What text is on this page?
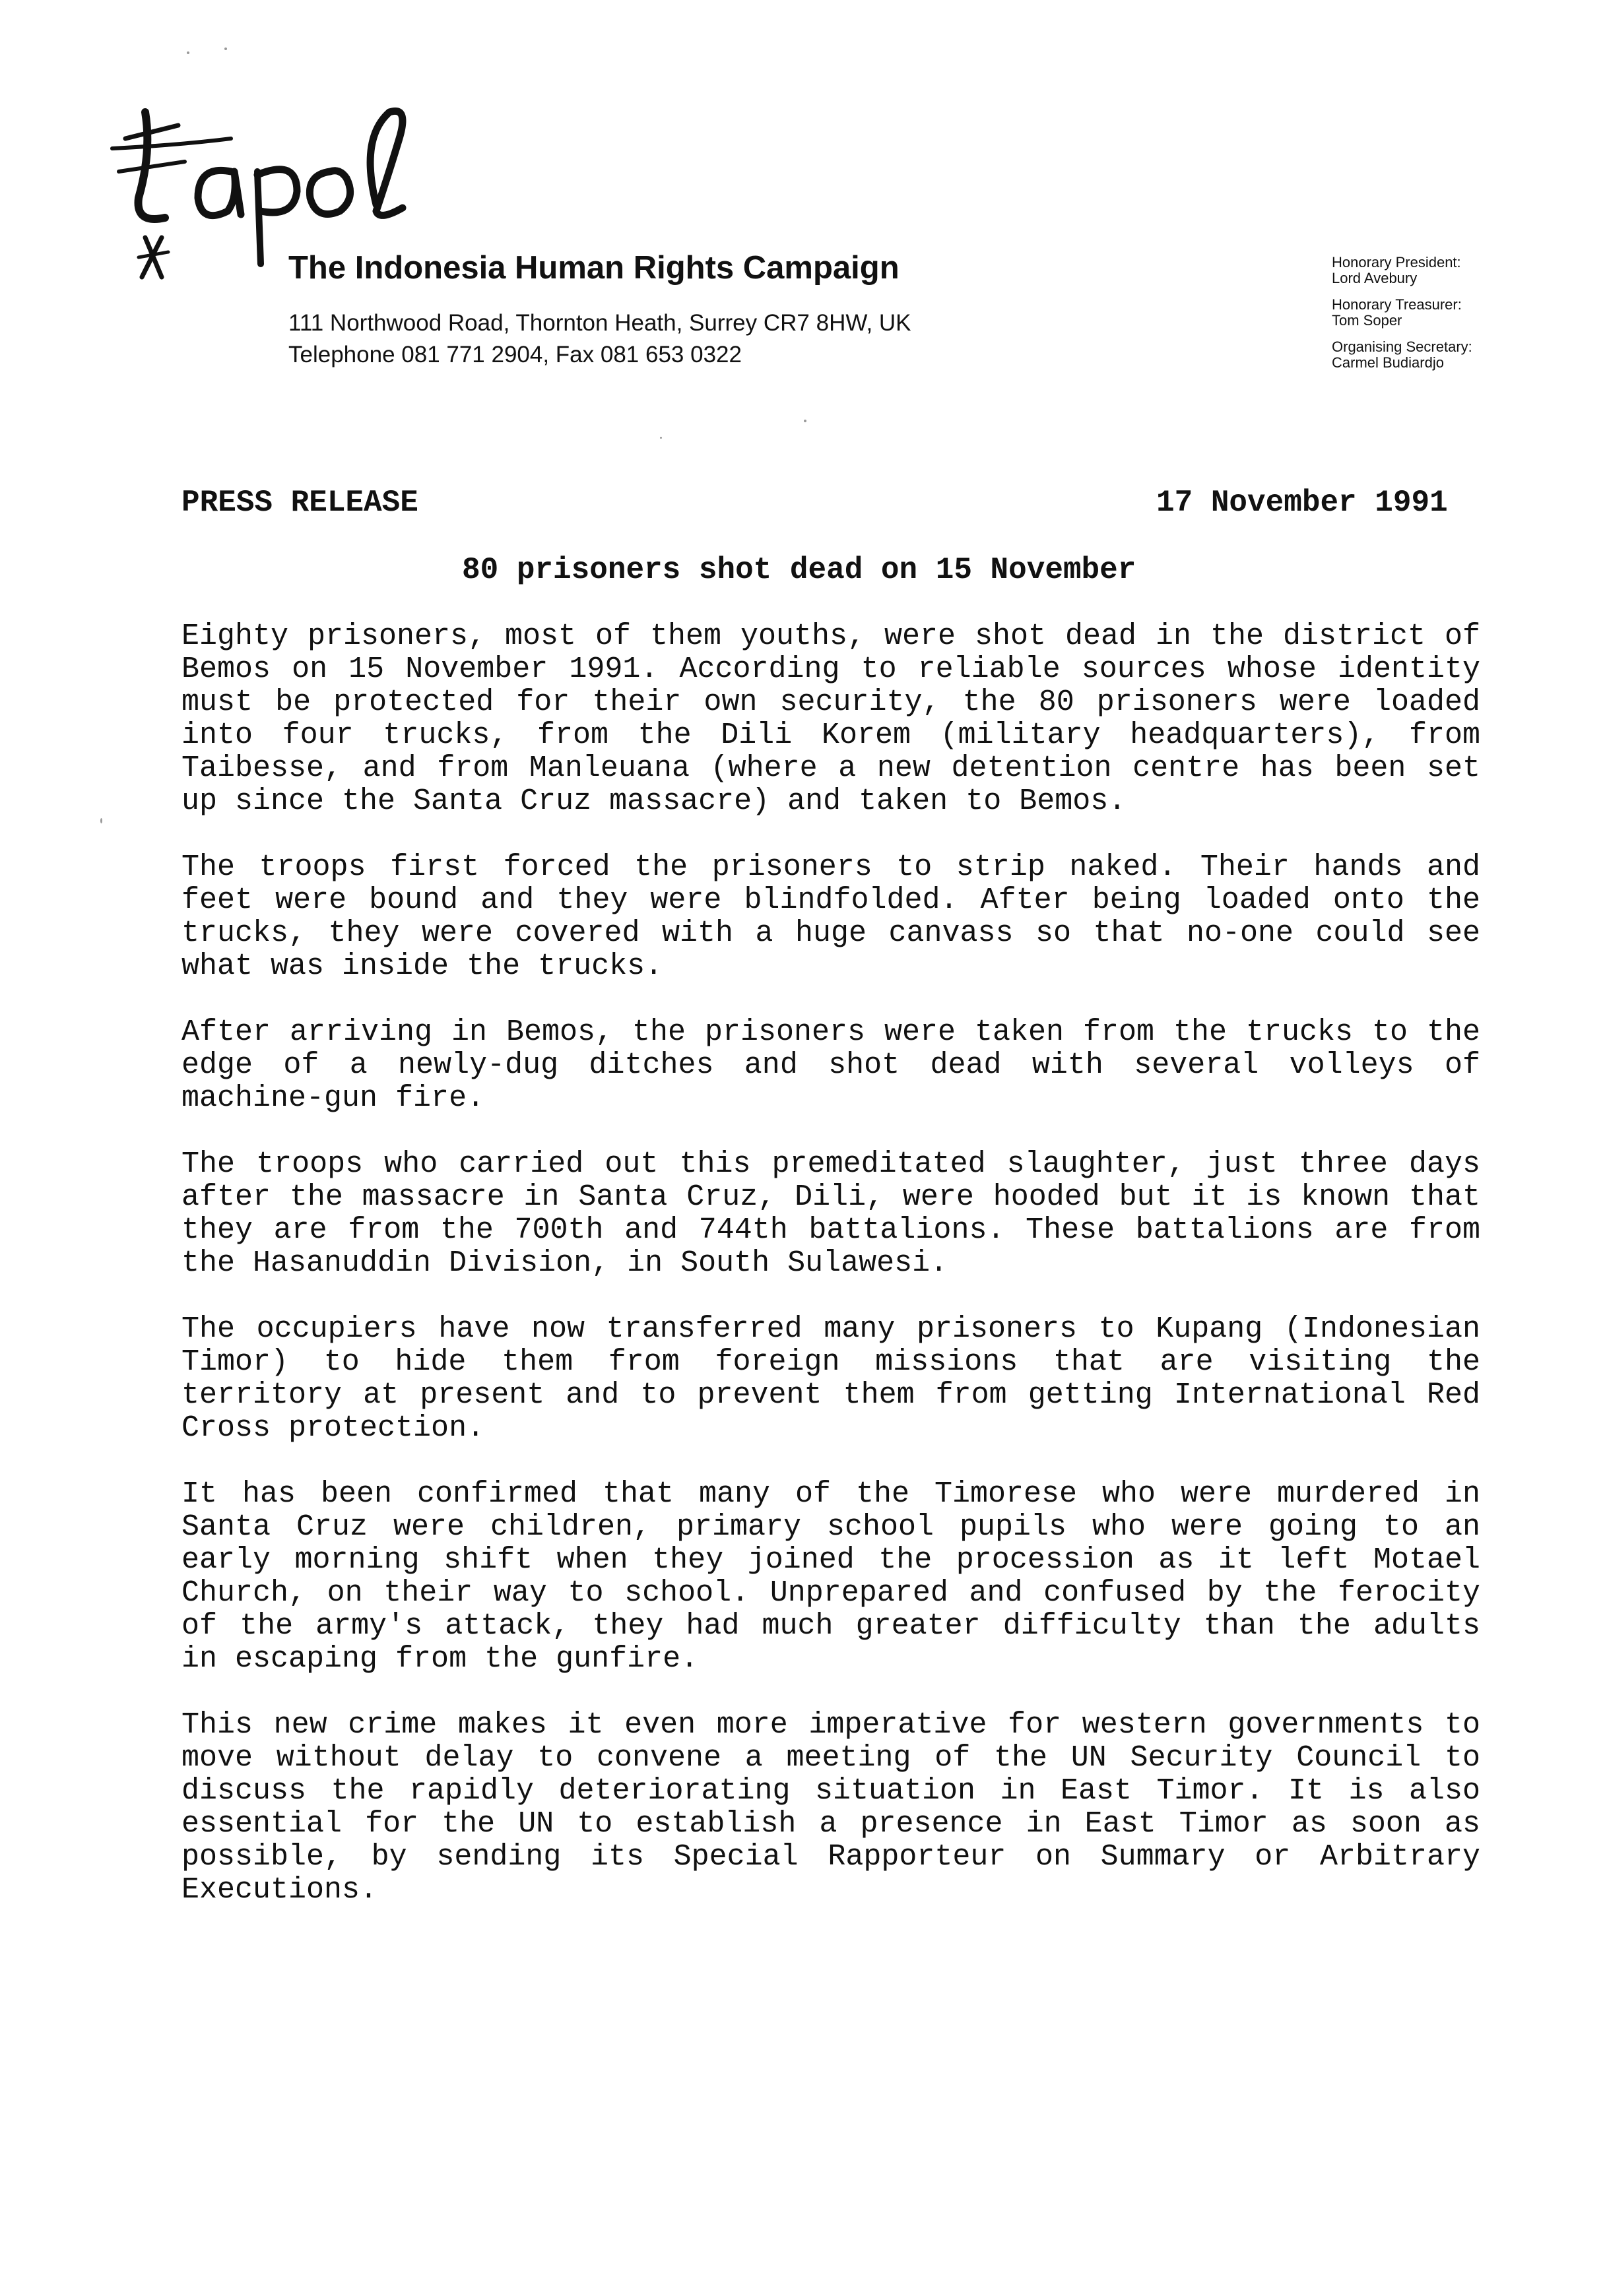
The Indonesia Human Rights Campaign
111 Northwood Road, Thornton Heath, Surrey CR7 8HW, UK
Telephone 081 771 2904, Fax 081 653 0322
Honorary President:
Lord Avebury
Honorary Treasurer:
Tom Soper
Organising Secretary:
Carmel Budiardjo
PRESS RELEASE	17 November 1991
80 prisoners shot dead on 15 November

Eighty prisoners, most of them youths, were shot dead in the district of Bemos on 15 November 1991. According to reliable sources whose identity must be protected for their own security, the 80 prisoners were loaded into four trucks, from the Dili Korem (military headquarters), from Taibesse, and from Manleuana (where a new detention centre has been set up since the Santa Cruz massacre) and taken to Bemos.

The troops first forced the prisoners to strip naked. Their hands and feet were bound and they were blindfolded. After being loaded onto the trucks, they were covered with a huge canvass so that no-one could see what was inside the trucks.

After arriving in Bemos, the prisoners were taken from the trucks to the edge of a newly-dug ditches and shot dead with several volleys of machine-gun fire.

The troops who carried out this premeditated slaughter, just three days after the massacre in Santa Cruz, Dili, were hooded but it is known that they are from the 700th and 744th battalions. These battalions are from the Hasanuddin Division, in South Sulawesi.

The occupiers have now transferred many prisoners to Kupang (Indonesian Timor) to hide them from foreign missions that are visiting the territory at present and to prevent them from getting International Red Cross protection.

It has been confirmed that many of the Timorese who were murdered in Santa Cruz were children, primary school pupils who were going to an early morning shift when they joined the procession as it left Motael Church, on their way to school. Unprepared and confused by the ferocity of the army's attack, they had much greater difficulty than the adults in escaping from the gunfire.

This new crime makes it even more imperative for western governments to move without delay to convene a meeting of the UN Security Council to discuss the rapidly deteriorating situation in East Timor. It is also essential for the UN to establish a presence in East Timor as soon as possible, by sending its Special Rapporteur on Summary or Arbitrary Executions.
